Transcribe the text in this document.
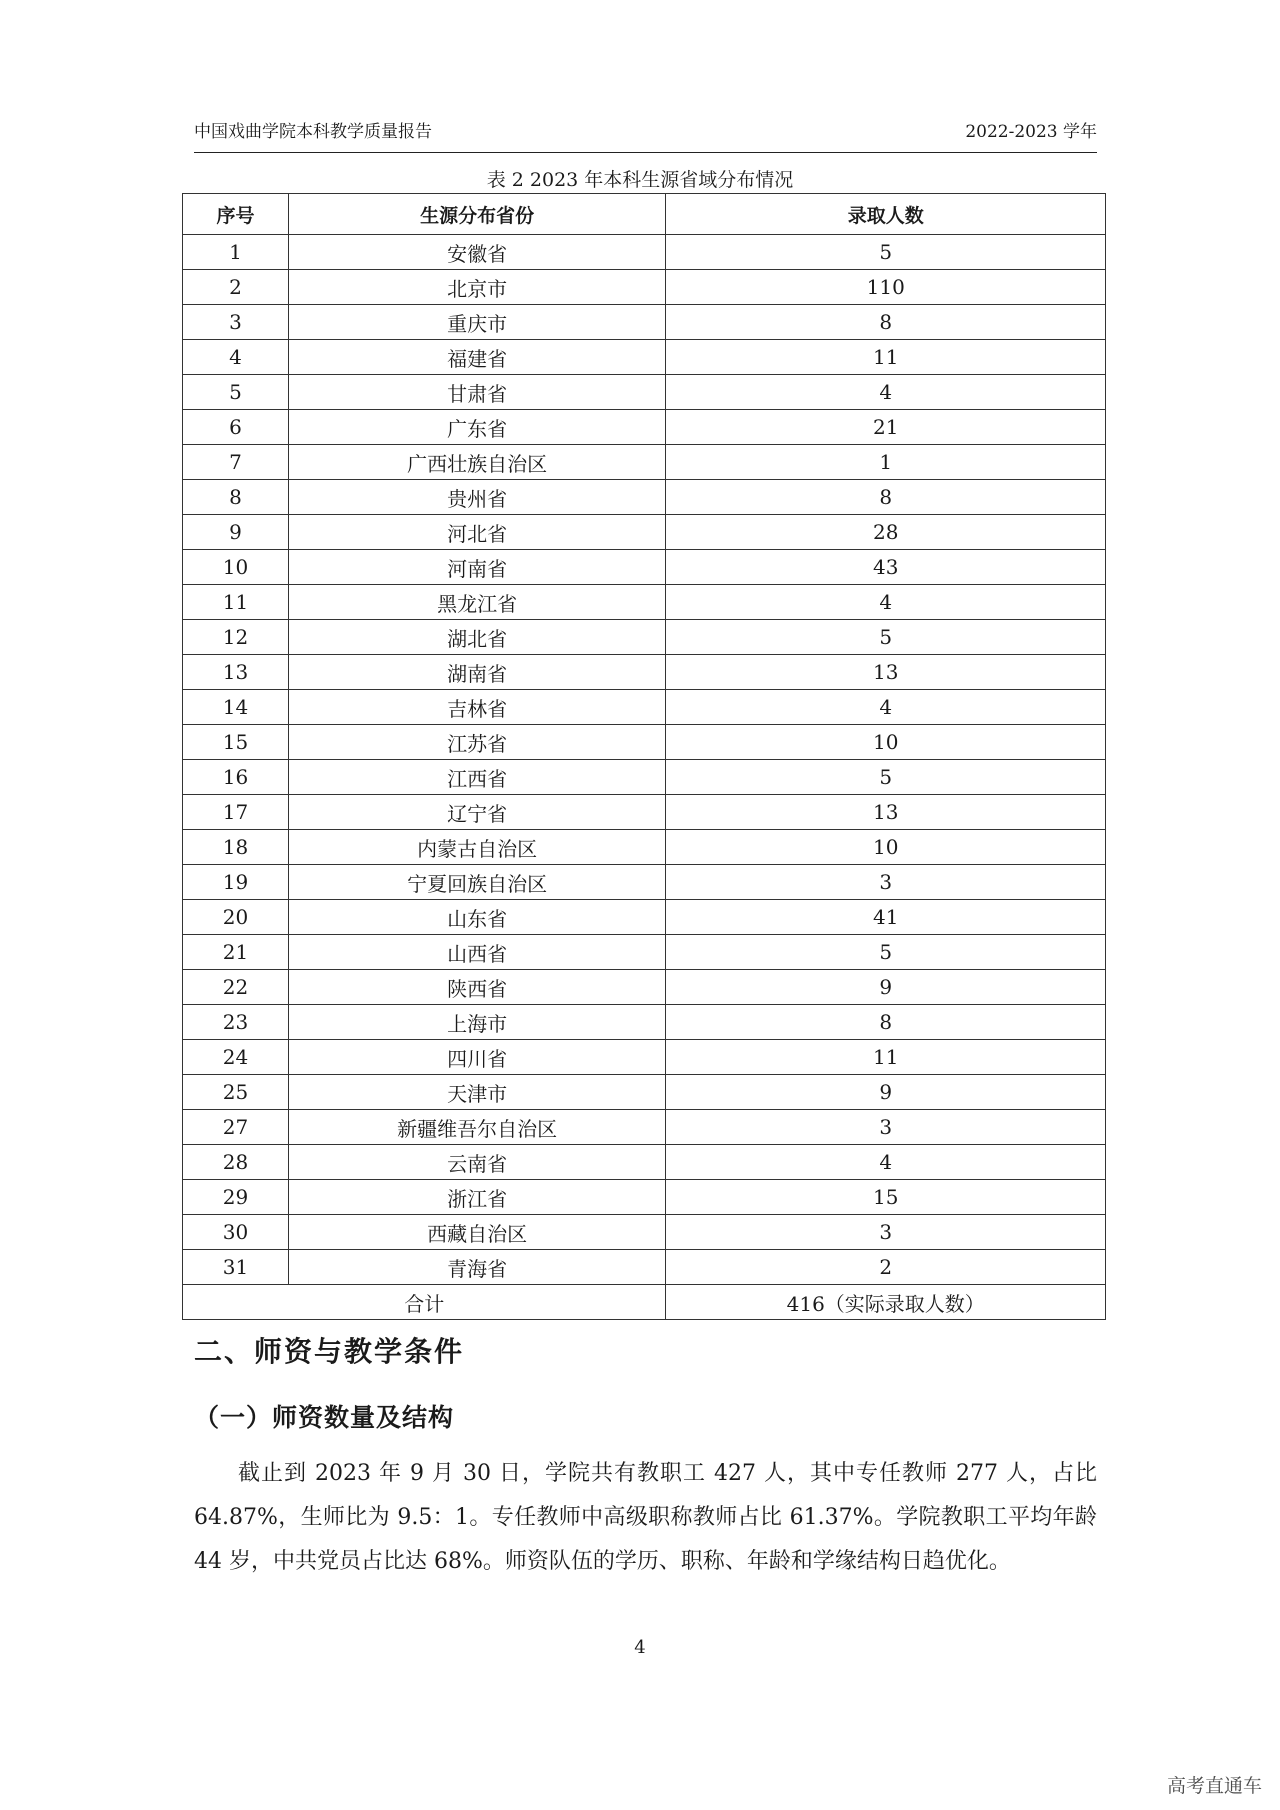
中国戏曲学院本科教学质量报告	2022-2023 学年
表 2 2023 年本科生源省域分布情况
序号	生源分布省份	录取人数
1	安徽省	5
2	北京市	110
3	重庆市	8
4	福建省	11
5	甘肃省	4
6	广东省	21
7	广西壮族自治区	1
8	贵州省	8
9	河北省	28
10	河南省	43
11	黑龙江省	4
12	湖北省	5
13	湖南省	13
14	吉林省	4
15	江苏省	10
16	江西省	5
17	辽宁省	13
18	内蒙古自治区	10
19	宁夏回族自治区	3
20	山东省	41
21	山西省	5
22	陕西省	9
23	上海市	8
24	四川省	11
25	天津市	9
27	新疆维吾尔自治区	3
28	云南省	4
29	浙江省	15
30	西藏自治区	3
31	青海省	2
合计		416（实际录取人数）
二、师资与教学条件
（一）师资数量及结构

截止到 2023 年 9 月 30 日，学院共有教职工 427 人，其中专任教师 277 人，占比 64.87%，生师比为 9.5：1。专任教师中高级职称教师占比 61.37%。学院教职工平均年龄 44 岁，中共党员占比达 68%。师资队伍的学历、职称、年龄和学缘结构日趋优化。

4
高考直通车
